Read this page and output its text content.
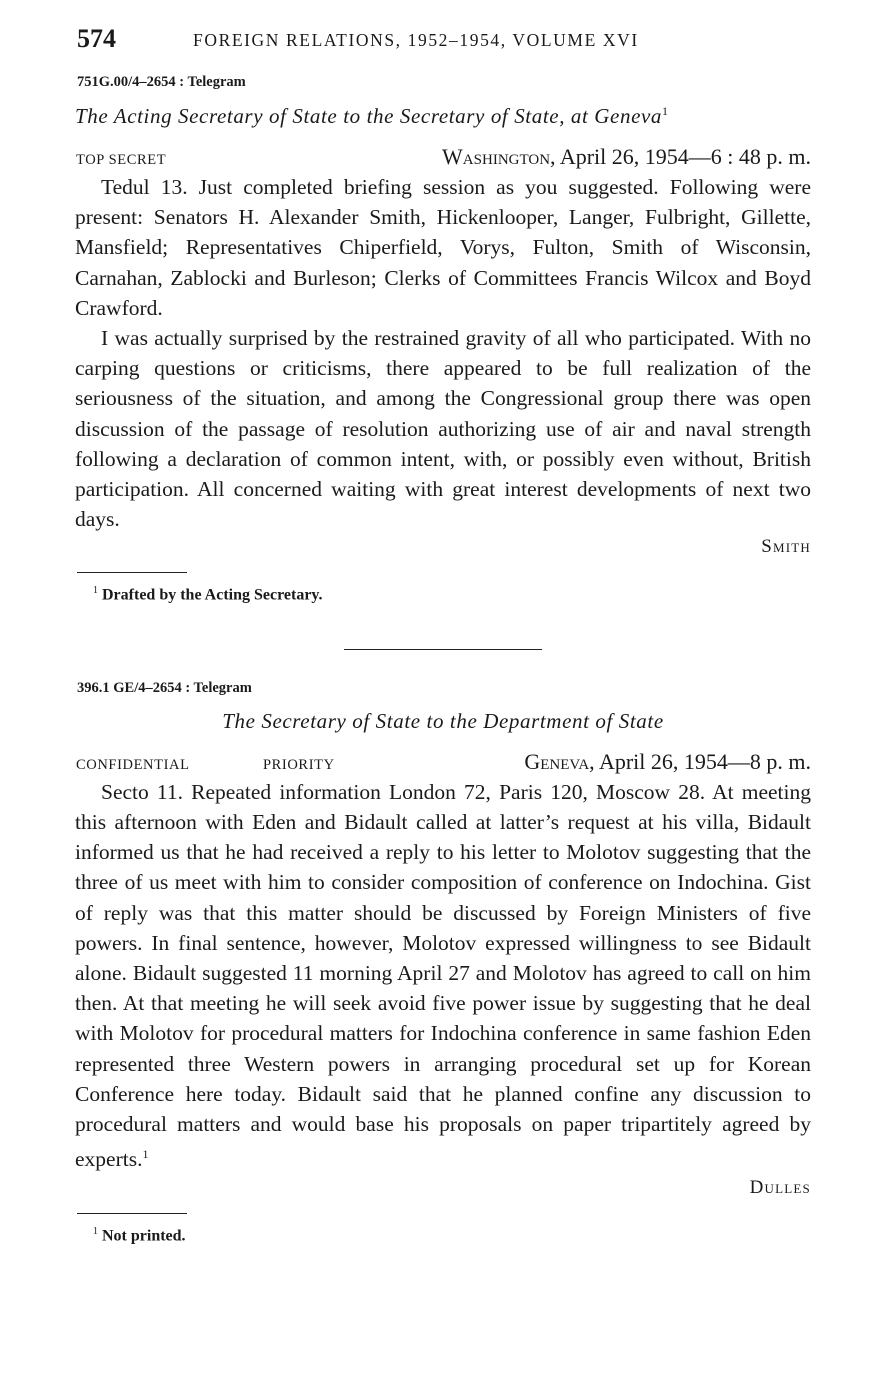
574	FOREIGN RELATIONS, 1952–1954, VOLUME XVI
751G.00/4–2654 : Telegram
The Acting Secretary of State to the Secretary of State, at Geneva$^1$
TOP SECRET	Washington, April 26, 1954—6 : 48 p. m.

Tedul 13. Just completed briefing session as you suggested. Following were present: Senators H. Alexander Smith, Hickenlooper, Langer, Fulbright, Gillette, Mansfield; Representatives Chiperfield, Vorys, Fulton, Smith of Wisconsin, Carnahan, Zablocki and Burleson; Clerks of Committees Francis Wilcox and Boyd Crawford.

I was actually surprised by the restrained gravity of all who participated. With no carping questions or criticisms, there appeared to be full realization of the seriousness of the situation, and among the Congressional group there was open discussion of the passage of resolution authorizing use of air and naval strength following a declaration of common intent, with, or possibly even without, British participation. All concerned waiting with great interest developments of next two days.

Smith
$^1$ Drafted by the Acting Secretary.
396.1 GE/4–2654 : Telegram
The Secretary of State to the Department of State
CONFIDENTIAL	PRIORITY	Geneva, April 26, 1954—8 p. m.

Secto 11. Repeated information London 72, Paris 120, Moscow 28. At meeting this afternoon with Eden and Bidault called at latter’s request at his villa, Bidault informed us that he had received a reply to his letter to Molotov suggesting that the three of us meet with him to consider composition of conference on Indochina. Gist of reply was that this matter should be discussed by Foreign Ministers of five powers. In final sentence, however, Molotov expressed willingness to see Bidault alone. Bidault suggested 11 morning April 27 and Molotov has agreed to call on him then. At that meeting he will seek avoid five power issue by suggesting that he deal with Molotov for procedural matters for Indochina conference in same fashion Eden represented three Western powers in arranging procedural set up for Korean Conference here today. Bidault said that he planned confine any discussion to procedural matters and would base his proposals on paper tripartitely agreed by experts.$^1$

Dulles
$^1$ Not printed.
